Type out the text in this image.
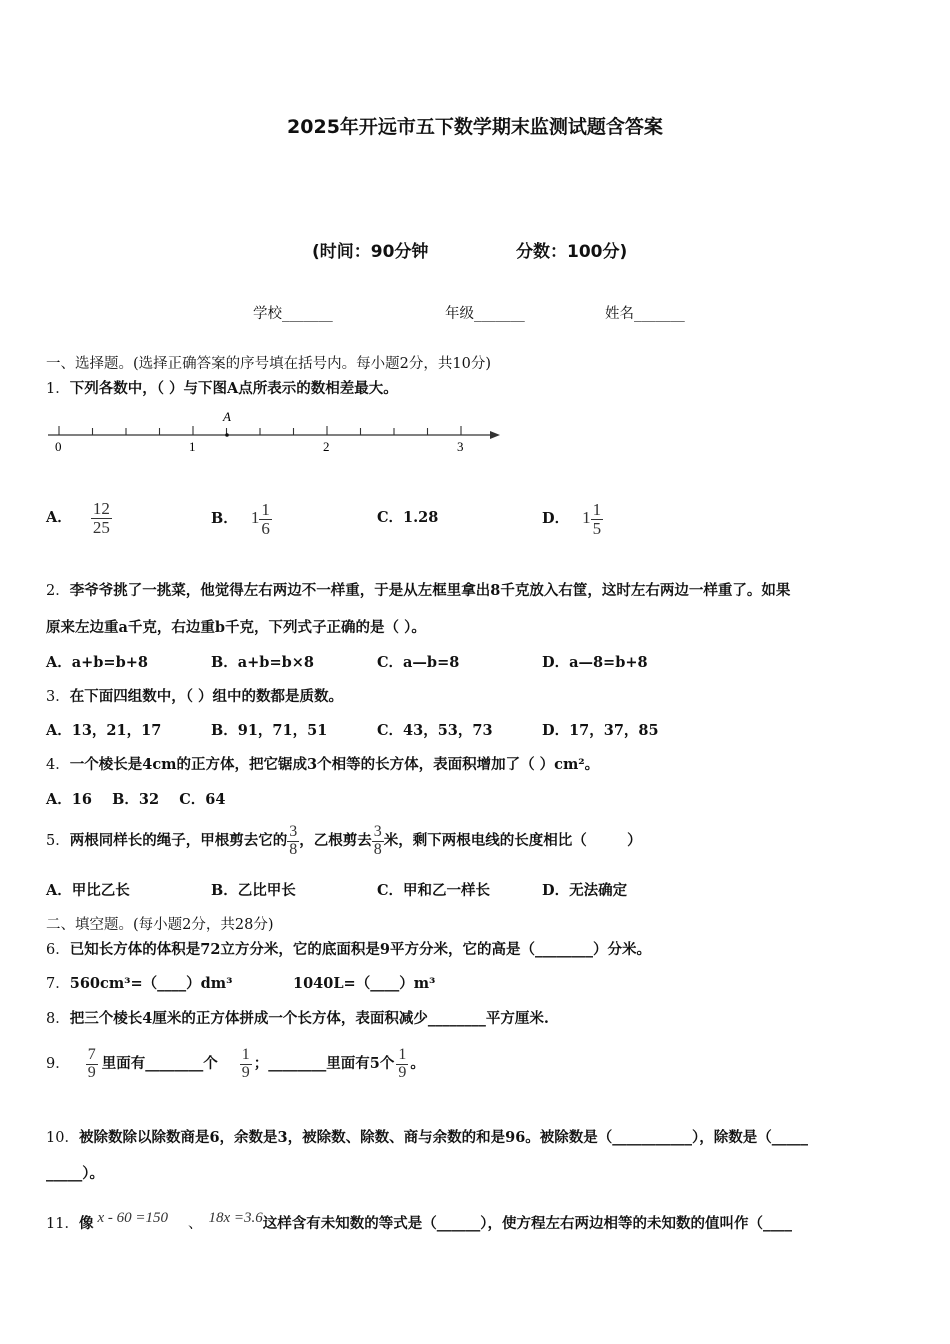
2025年开远市五下数学期末监测试题含答案
(时间：90分钟	分数：100分)
学校_______	年级_______	姓名_______
一、选择题。(选择正确答案的序号填在括号内。每小题2分，共10分)
1．下列各数中，（ ）与下图A点所表示的数相差最大。
A
0	1	2	3
A． $\frac{12}{25}$	B． $1 \frac{1}{6}$	C．1.28	D． $1 \frac{1}{5}$
2．李爷爷挑了一挑菜，他觉得左右两边不一样重，于是从左框里拿出8千克放入右筐，这时左右两边一样重了。如果
原来左边重a千克，右边重b千克，下列式子正确的是（ ）。
A．a+b=b+8	B．a+b=b×8	C．a—b=8	D．a—8=b+8
3．在下面四组数中，（ ）组中的数都是质数。
A．13，21，17	B．91，71，51	C．43，53，73	D．17，37，85
4．一个棱长是4cm的正方体，把它锯成3个相等的长方体，表面积增加了（ ）cm²。
A．16    B．32    C．64
5．两根同样长的绳子，甲根剪去它的 $\frac{3}{8}$ ，乙根剪去 $\frac{3}{8}$ 米，剩下两根电线的长度相比（        ）
A．甲比乙长	B．乙比甲长	C．甲和乙一样长	D．无法确定
二、填空题。(每小题2分，共28分)
6．已知长方体的体积是72立方分米，它的底面积是9平方分米，它的高是（________）分米。
7．560cm³=（____）dm³	1040L=（____）m³
8．把三个棱长4厘米的正方体拼成一个长方体，表面积减少________平方厘米.
9． $\frac{7}{9}$ 里面有________个 $\frac{1}{9}$ ；________里面有5个 $\frac{1}{9}$ 。
10．被除数除以除数商是6，余数是3，被除数、除数、商与余数的和是96。被除数是（___________），除数是（_____
_____）。
11．像 x - 60 =150 、 18x =3.6这样含有未知数的等式是（______），使方程左右两边相等的未知数的值叫作（____
